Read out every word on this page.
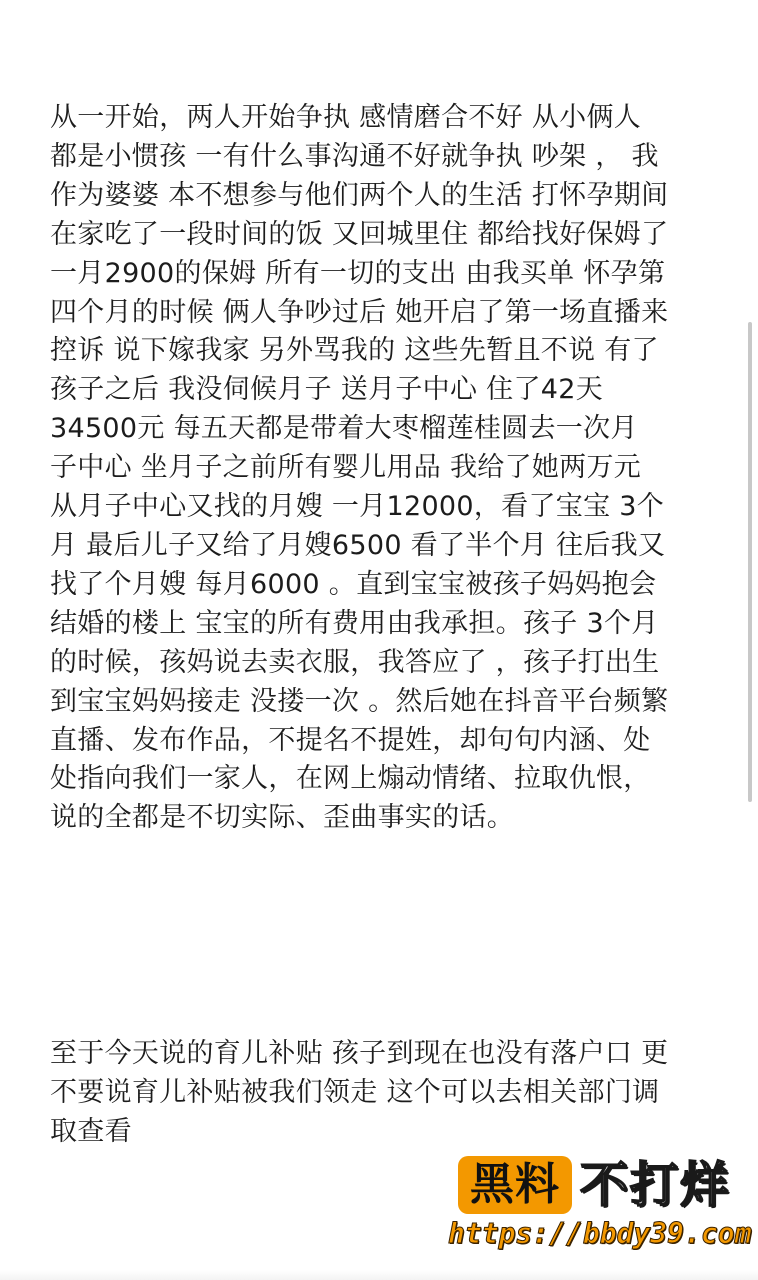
从一开始，两人开始争执 感情磨合不好 从小俩人
都是小惯孩 一有什么事沟通不好就争执 吵架 ， 我
作为婆婆 本不想参与他们两个人的生活 打怀孕期间
在家吃了一段时间的饭 又回城里住 都给找好保姆了
一月2900的保姆 所有一切的支出 由我买单 怀孕第
四个月的时候 俩人争吵过后 她开启了第一场直播来
控诉 说下嫁我家 另外骂我的 这些先暂且不说 有了
孩子之后 我没伺候月子 送月子中心 住了42天
34500元 每五天都是带着大枣榴莲桂圆去一次月
子中心 坐月子之前所有婴儿用品 我给了她两万元
从月子中心又找的月嫂 一月12000，看了宝宝 3个
月 最后儿子又给了月嫂6500 看了半个月 往后我又
找了个月嫂 每月6000 。直到宝宝被孩子妈妈抱会
结婚的楼上 宝宝的所有费用由我承担。孩子 3个月
的时候，孩妈说去卖衣服，我答应了 ，孩子打出生
到宝宝妈妈接走 没搂一次 。然后她在抖音平台频繁
直播、发布作品，不提名不提姓，却句句内涵、处
处指向我们一家人，在网上煽动情绪、拉取仇恨，
说的全都是不切实际、歪曲事实的话。
至于今天说的育儿补贴 孩子到现在也没有落户口 更
不要说育儿补贴被我们领走 这个可以去相关部门调
取查看
黑料 不打烊
https://bbdy39.com
